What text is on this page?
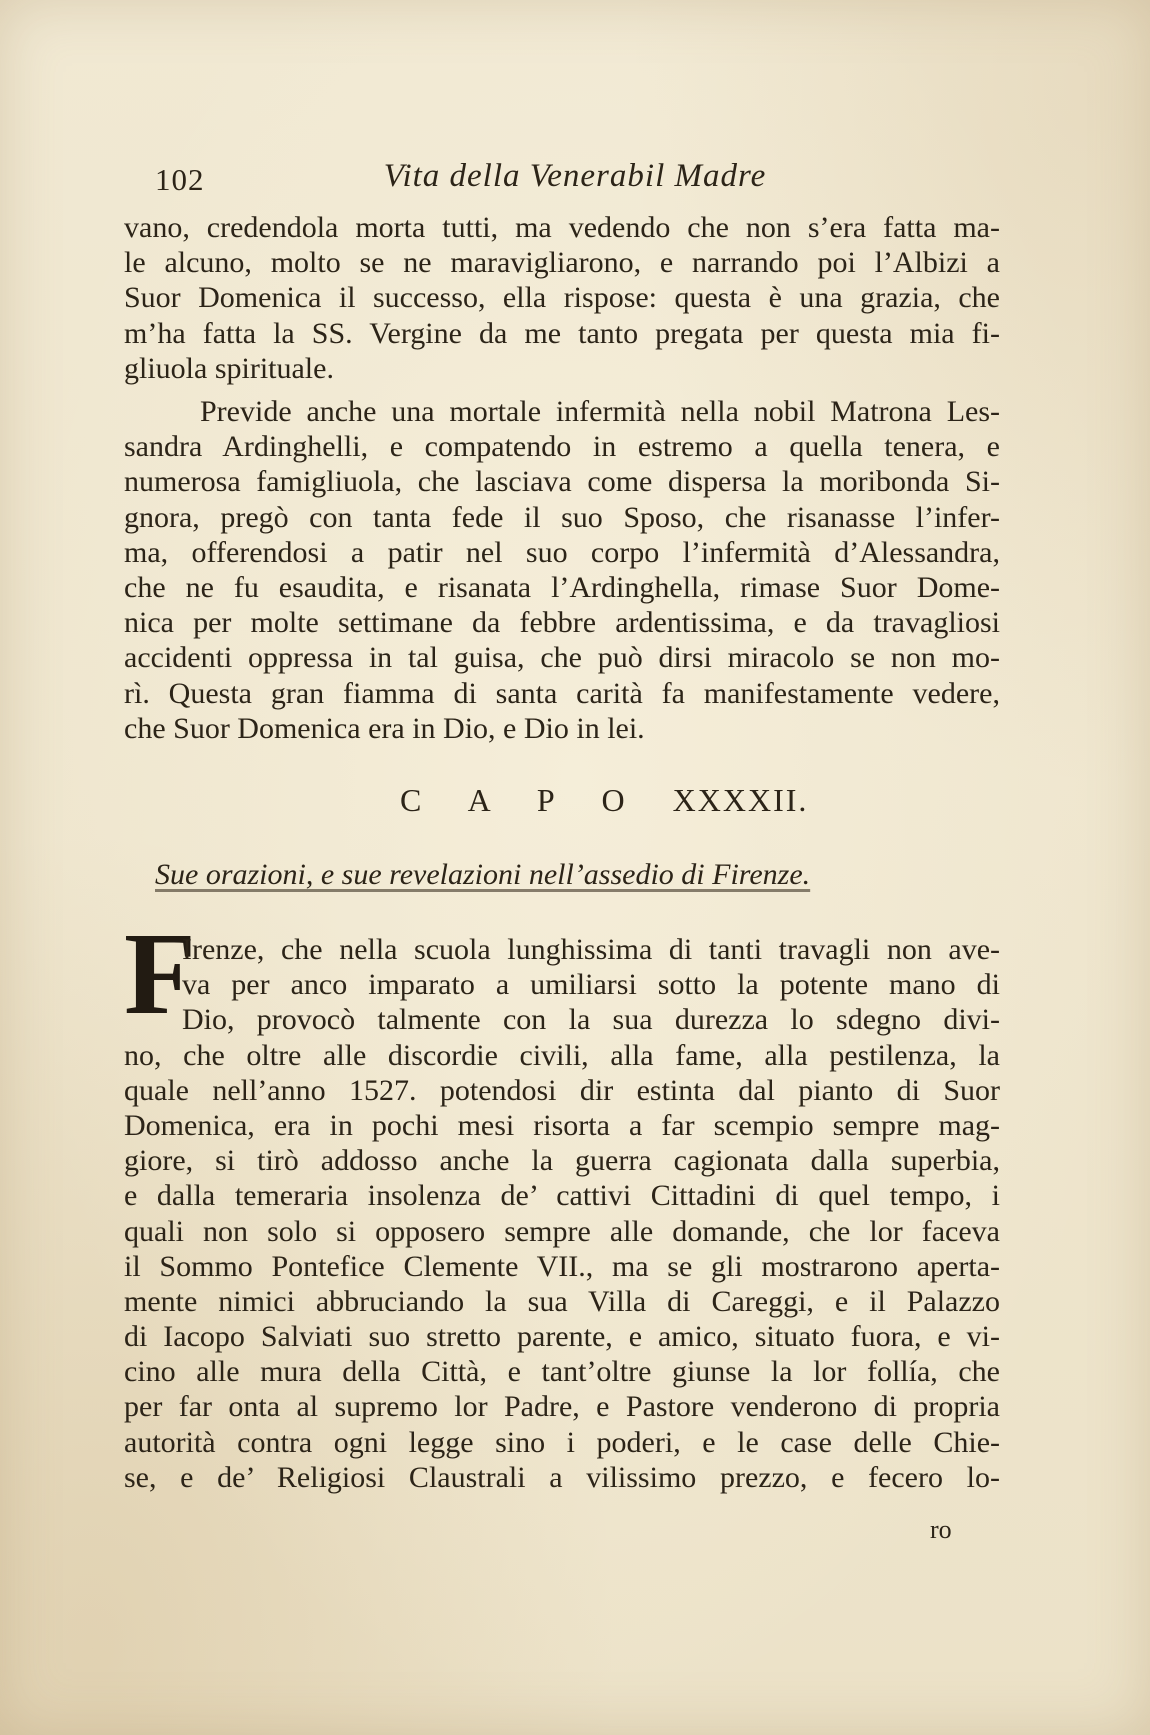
102	Vita della Venerabil Madre
vano, credendola morta tutti, ma vedendo che non s’era fatta ma-
le alcuno, molto se ne maravigliarono, e narrando poi l’Albizi a
Suor Domenica il successo, ella rispose: questa è una grazia, che
m’ha fatta la SS. Vergine da me tanto pregata per questa mia fi-
gliuola spirituale.
Previde anche una mortale infermità nella nobil Matrona Les-
sandra Ardinghelli, e compatendo in estremo a quella tenera, e
numerosa famigliuola, che lasciava come dispersa la moribonda Si-
gnora, pregò con tanta fede il suo Sposo, che risanasse l’infer-
ma, offerendosi a patir nel suo corpo l’infermità d’Alessandra,
che ne fu esaudita, e risanata l’Ardinghella, rimase Suor Dome-
nica per molte settimane da febbre ardentissima, e da travagliosi
accidenti oppressa in tal guisa, che può dirsi miracolo se non mo-
rì. Questa gran fiamma di santa carità fa manifestamente vedere,
che Suor Domenica era in Dio, e Dio in lei.
C A P O XXXXII.
Sue orazioni, e sue revelazioni nell’assedio di Firenze.
F
Irenze, che nella scuola lunghissima di tanti travagli non ave-
va per anco imparato a umiliarsi sotto la potente mano di
Dio, provocò talmente con la sua durezza lo sdegno divi-
no, che oltre alle discordie civili, alla fame, alla pestilenza, la
quale nell’anno 1527. potendosi dir estinta dal pianto di Suor
Domenica, era in pochi mesi risorta a far scempio sempre mag-
giore, si tirò addosso anche la guerra cagionata dalla superbia,
e dalla temeraria insolenza de’ cattivi Cittadini di quel tempo, i
quali non solo si opposero sempre alle domande, che lor faceva
il Sommo Pontefice Clemente VII., ma se gli mostrarono aperta-
mente nimici abbruciando la sua Villa di Careggi, e il Palazzo
di Iacopo Salviati suo stretto parente, e amico, situato fuora, e vi-
cino alle mura della Città, e tant’oltre giunse la lor follía, che
per far onta al supremo lor Padre, e Pastore venderono di propria
autorità contra ogni legge sino i poderi, e le case delle Chie-
se, e de’ Religiosi Claustrali a vilissimo prezzo, e fecero lo-
ro
